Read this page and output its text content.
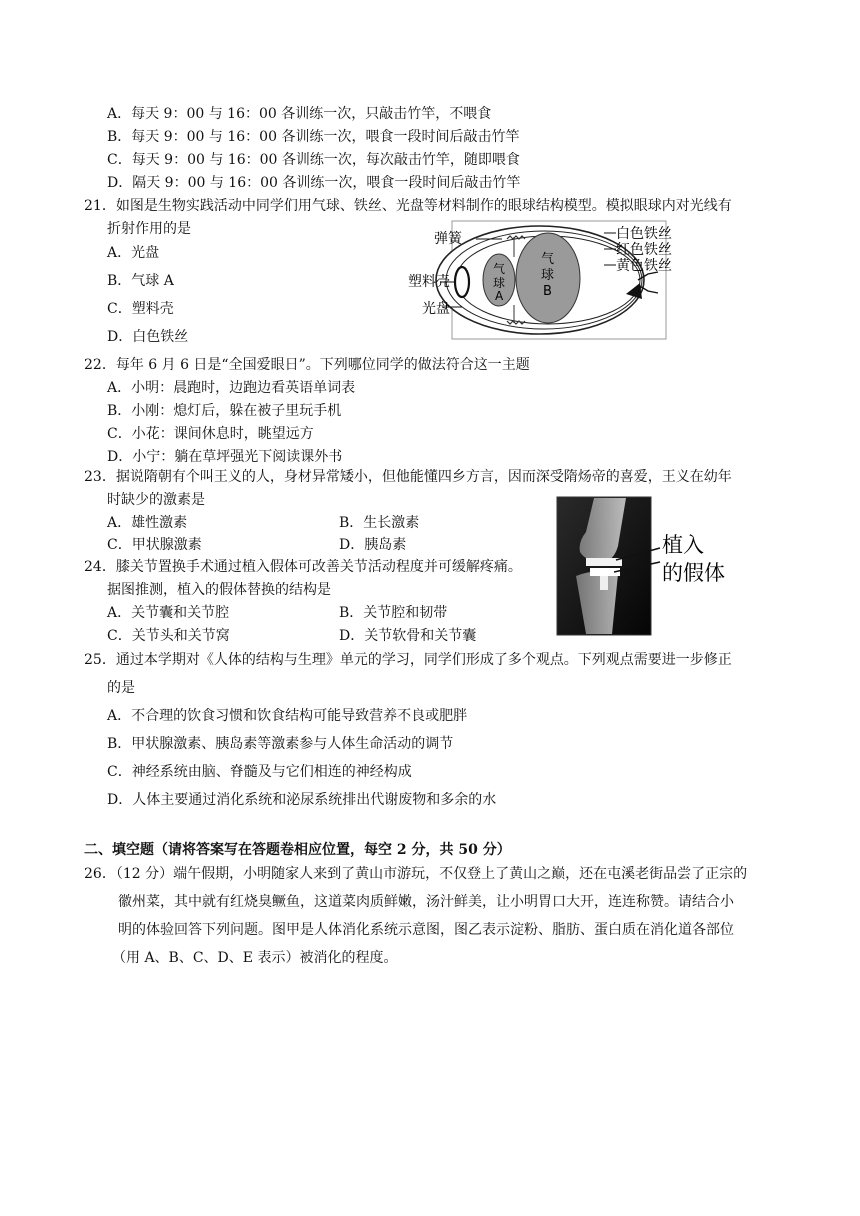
A．每天 9：00 与 16：00 各训练一次，只敲击竹竿，不喂食
B．每天 9：00 与 16：00 各训练一次，喂食一段时间后敲击竹竿
C．每天 9：00 与 16：00 各训练一次，每次敲击竹竿，随即喂食
D．隔天 9：00 与 16：00 各训练一次，喂食一段时间后敲击竹竿
21．如图是生物实践活动中同学们用气球、铁丝、光盘等材料制作的眼球结构模型。模拟眼球内对光线有
折射作用的是
A．光盘
B．气球 A
C．塑料壳
D．白色铁丝
弹簧
塑料壳
光盘
白色铁丝
红色铁丝
黄色铁丝
气
球
A
气
球
B
22．每年 6 月 6 日是“全国爱眼日”。下列哪位同学的做法符合这一主题
A．小明：晨跑时，边跑边看英语单词表
B．小刚：熄灯后，躲在被子里玩手机
C．小花：课间休息时，眺望远方
D．小宁：躺在草坪强光下阅读课外书
23．据说隋朝有个叫王义的人，身材异常矮小，但他能懂四乡方言，因而深受隋炀帝的喜爱，王义在幼年
时缺少的激素是
A．雄性激素	B．生长激素
C．甲状腺激素	D．胰岛素
24．膝关节置换手术通过植入假体可改善关节活动程度并可缓解疼痛。
据图推测，植入的假体替换的结构是
A．关节囊和关节腔	B．关节腔和韧带
C．关节头和关节窝	D．关节软骨和关节囊
植入
的假体
25．通过本学期对《人体的结构与生理》单元的学习，同学们形成了多个观点。下列观点需要进一步修正
的是
A．不合理的饮食习惯和饮食结构可能导致营养不良或肥胖
B．甲状腺激素、胰岛素等激素参与人体生命活动的调节
C．神经系统由脑、脊髓及与它们相连的神经构成
D．人体主要通过消化系统和泌尿系统排出代谢废物和多余的水
二、填空题（请将答案写在答题卷相应位置，每空 2 分，共 50 分）
26．（12 分）端午假期，小明随家人来到了黄山市游玩，不仅登上了黄山之巅，还在屯溪老街品尝了正宗的
徽州菜，其中就有红烧臭鳜鱼，这道菜肉质鲜嫩，汤汁鲜美，让小明胃口大开，连连称赞。请结合小
明的体验回答下列问题。图甲是人体消化系统示意图，图乙表示淀粉、脂肪、蛋白质在消化道各部位
（用 A、B、C、D、E 表示）被消化的程度。
